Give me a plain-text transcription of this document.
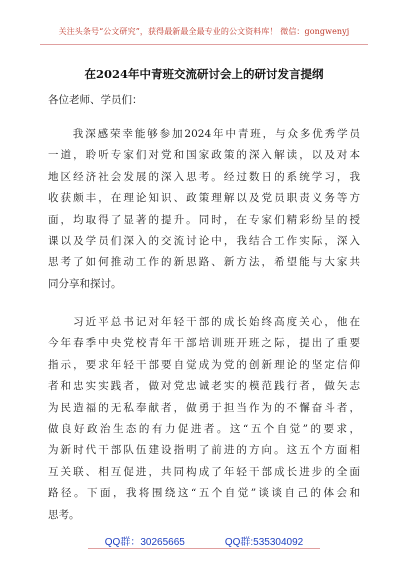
关注头条号“公文研究”，获得最新最全最专业的公文资料库！ 微信：gongwenyj
在2024年中青班交流研讨会上的研讨发言提纲
各位老师、学员们：
　　我深感荣幸能够参加2024年中青班，与众多优秀学员
一道，聆听专家们对党和国家政策的深入解读，以及对本
地区经济社会发展的深入思考。经过数日的系统学习，我
收获颇丰，在理论知识、政策理解以及党员职责义务等方
面，均取得了显著的提升。同时，在专家们精彩纷呈的授
课以及学员们深入的交流讨论中，我结合工作实际，深入
思考了如何推动工作的新思路、新方法，希望能与大家共
同分享和探讨。
　　习近平总书记对年轻干部的成长始终高度关心，他在
今年春季中央党校青年干部培训班开班之际，提出了重要
指示，要求年轻干部要自觉成为党的创新理论的坚定信仰
者和忠实实践者，做对党忠诚老实的模范践行者，做矢志
为民造福的无私奉献者，做勇于担当作为的不懈奋斗者，
做良好政治生态的有力促进者。这“五个自觉”的要求，
为新时代干部队伍建设指明了前进的方向。这五个方面相
互关联、相互促进，共同构成了年轻干部成长进步的全面
路径。下面，我将围绕这“五个自觉”谈谈自己的体会和
思考。
QQ群：30265665	QQ群:535304092
